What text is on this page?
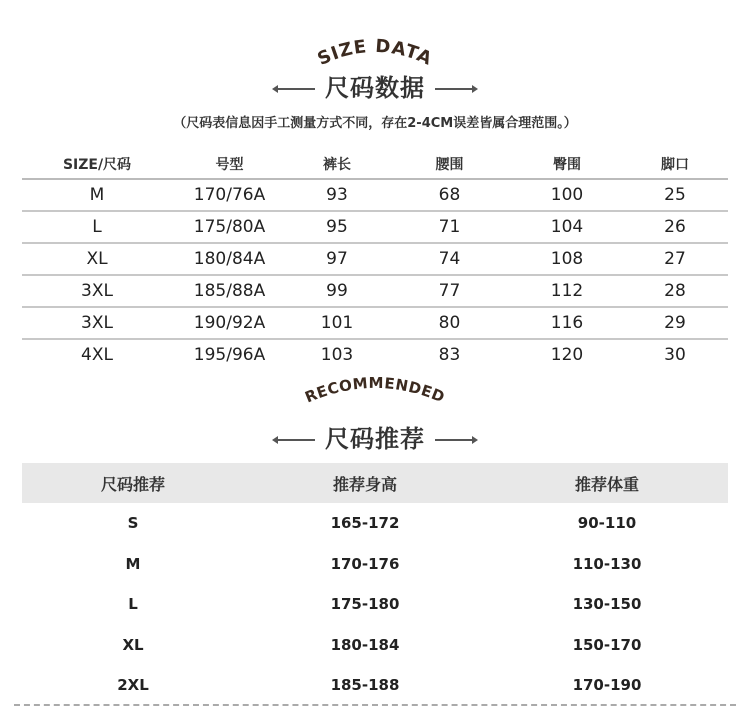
SIZE DATA
尺码数据
（尺码表信息因手工测量方式不同，存在2-4CM误差皆属合理范围。）
SIZE/尺码	号型	裤长	腰围	臀围	脚口
M	170/76A	93	68	100	25
L	175/80A	95	71	104	26
XL	180/84A	97	74	108	27
3XL	185/88A	99	77	112	28
3XL	190/92A	101	80	116	29
4XL	195/96A	103	83	120	30
RECOMMENDED
尺码推荐
尺码推荐	推荐身高	推荐体重
S	165-172	90-110
M	170-176	110-130
L	175-180	130-150
XL	180-184	150-170
2XL	185-188	170-190
